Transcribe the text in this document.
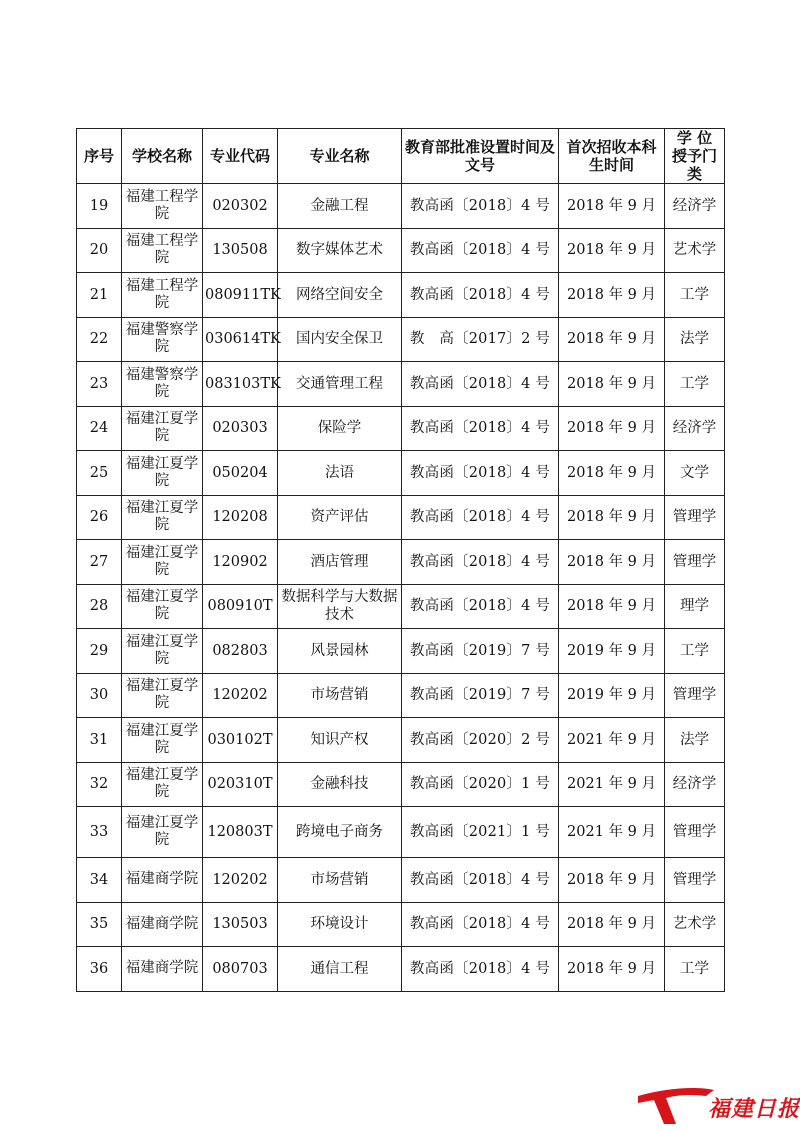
序号	学校名称	专业代码	专业名称	教育部批准设置时间及文号	首次招收本科生时间	学 位 授予门类
19	福建工程学院	020302	金融工程	教高函〔2018〕4 号	2018 年 9 月	经济学
20	福建工程学院	130508	数字媒体艺术	教高函〔2018〕4 号	2018 年 9 月	艺术学
21	福建工程学院	080911TK	网络空间安全	教高函〔2018〕4 号	2018 年 9 月	工学
22	福建警察学院	030614TK	国内安全保卫	教　高〔2017〕2 号	2018 年 9 月	法学
23	福建警察学院	083103TK	交通管理工程	教高函〔2018〕4 号	2018 年 9 月	工学
24	福建江夏学院	020303	保险学	教高函〔2018〕4 号	2018 年 9 月	经济学
25	福建江夏学院	050204	法语	教高函〔2018〕4 号	2018 年 9 月	文学
26	福建江夏学院	120208	资产评估	教高函〔2018〕4 号	2018 年 9 月	管理学
27	福建江夏学院	120902	酒店管理	教高函〔2018〕4 号	2018 年 9 月	管理学
28	福建江夏学院	080910T	数据科学与大数据技术	教高函〔2018〕4 号	2018 年 9 月	理学
29	福建江夏学院	082803	风景园林	教高函〔2019〕7 号	2019 年 9 月	工学
30	福建江夏学院	120202	市场营销	教高函〔2019〕7 号	2019 年 9 月	管理学
31	福建江夏学院	030102T	知识产权	教高函〔2020〕2 号	2021 年 9 月	法学
32	福建江夏学院	020310T	金融科技	教高函〔2020〕1 号	2021 年 9 月	经济学
33	福建江夏学院	120803T	跨境电子商务	教高函〔2021〕1 号	2021 年 9 月	管理学
34	福建商学院	120202	市场营销	教高函〔2018〕4 号	2018 年 9 月	管理学
35	福建商学院	130503	环境设计	教高函〔2018〕4 号	2018 年 9 月	艺术学
36	福建商学院	080703	通信工程	教高函〔2018〕4 号	2018 年 9 月	工学
福建日报
